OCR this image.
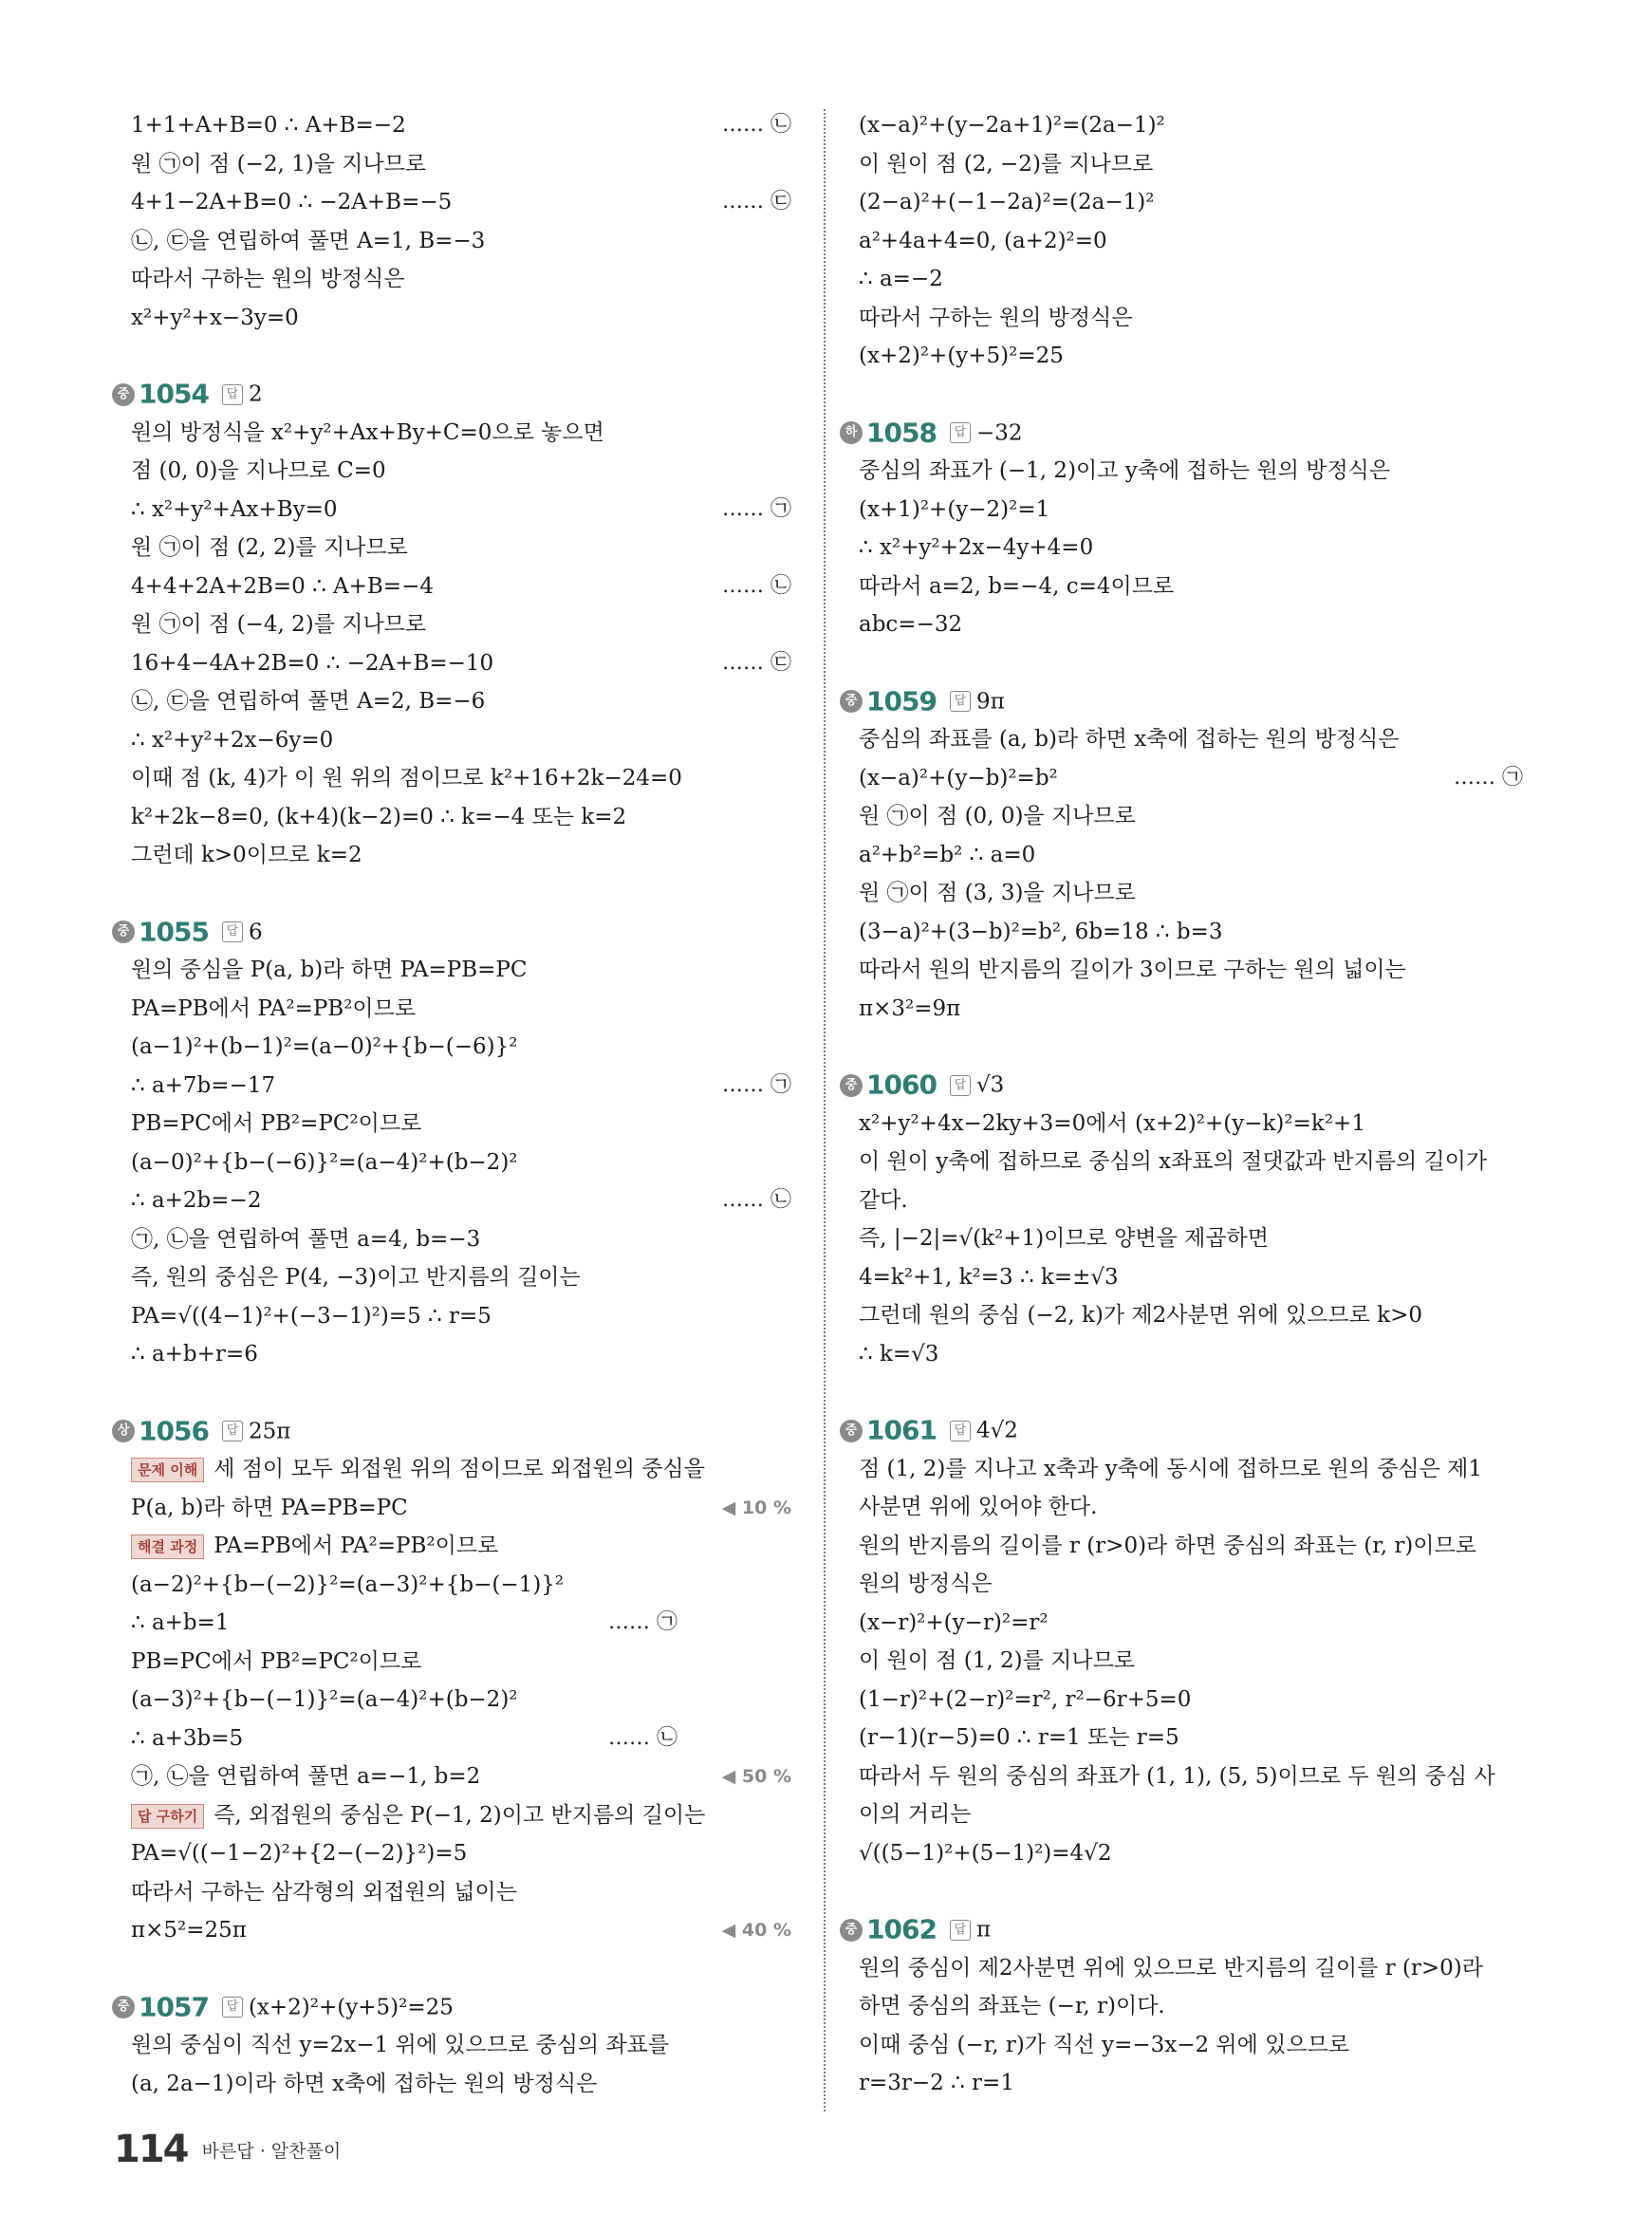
1+1+A+B=0 ∴ A+B=−2	…… ㉡
원 ㉠이 점 (−2, 1)을 지나므로
4+1−2A+B=0 ∴ −2A+B=−5	…… ㉢
㉡, ㉢을 연립하여 풀면 A=1, B=−3
따라서 구하는 원의 방정식은
x²+y²+x−3y=0
중 1054 답 2
원의 방정식을 x²+y²+Ax+By+C=0으로 놓으면
점 (0, 0)을 지나므로 C=0
∴ x²+y²+Ax+By=0	…… ㉠
원 ㉠이 점 (2, 2)를 지나므로
4+4+2A+2B=0 ∴ A+B=−4	…… ㉡
원 ㉠이 점 (−4, 2)를 지나므로
16+4−4A+2B=0 ∴ −2A+B=−10	…… ㉢
㉡, ㉢을 연립하여 풀면 A=2, B=−6
∴ x²+y²+2x−6y=0
이때 점 (k, 4)가 이 원 위의 점이므로 k²+16+2k−24=0
k²+2k−8=0, (k+4)(k−2)=0 ∴ k=−4 또는 k=2
그런데 k>0이므로 k=2
중 1055 답 6
원의 중심을 P(a, b)라 하면 PA=PB=PC
PA=PB에서 PA²=PB²이므로
(a−1)²+(b−1)²=(a−0)²+{b−(−6)}²
∴ a+7b=−17	…… ㉠
PB=PC에서 PB²=PC²이므로
(a−0)²+{b−(−6)}²=(a−4)²+(b−2)²
∴ a+2b=−2	…… ㉡
㉠, ㉡을 연립하여 풀면 a=4, b=−3
즉, 원의 중심은 P(4, −3)이고 반지름의 길이는
PA=√((4−1)²+(−3−1)²)=5 ∴ r=5
∴ a+b+r=6
상 1056 답 25π
문제 이해 세 점이 모두 외접원 위의 점이므로 외접원의 중심을
P(a, b)라 하면 PA=PB=PC	◀ 10 %
해결 과정 PA=PB에서 PA²=PB²이므로
(a−2)²+{b−(−2)}²=(a−3)²+{b−(−1)}²
∴ a+b=1	…… ㉠
PB=PC에서 PB²=PC²이므로
(a−3)²+{b−(−1)}²=(a−4)²+(b−2)²
∴ a+3b=5	…… ㉡
㉠, ㉡을 연립하여 풀면 a=−1, b=2	◀ 50 %
답 구하기 즉, 외접원의 중심은 P(−1, 2)이고 반지름의 길이는
PA=√((−1−2)²+{2−(−2)}²)=5
따라서 구하는 삼각형의 외접원의 넓이는
π×5²=25π	◀ 40 %
중 1057 답 (x+2)²+(y+5)²=25
원의 중심이 직선 y=2x−1 위에 있으므로 중심의 좌표를
(a, 2a−1)이라 하면 x축에 접하는 원의 방정식은
(x−a)²+(y−2a+1)²=(2a−1)²
이 원이 점 (2, −2)를 지나므로
(2−a)²+(−1−2a)²=(2a−1)²
a²+4a+4=0, (a+2)²=0
∴ a=−2
따라서 구하는 원의 방정식은
(x+2)²+(y+5)²=25
하 1058 답 −32
중심의 좌표가 (−1, 2)이고 y축에 접하는 원의 방정식은
(x+1)²+(y−2)²=1
∴ x²+y²+2x−4y+4=0
따라서 a=2, b=−4, c=4이므로
abc=−32
중 1059 답 9π
중심의 좌표를 (a, b)라 하면 x축에 접하는 원의 방정식은
(x−a)²+(y−b)²=b²	…… ㉠
원 ㉠이 점 (0, 0)을 지나므로
a²+b²=b² ∴ a=0
원 ㉠이 점 (3, 3)을 지나므로
(3−a)²+(3−b)²=b², 6b=18 ∴ b=3
따라서 원의 반지름의 길이가 3이므로 구하는 원의 넓이는
π×3²=9π
중 1060 답 √3
x²+y²+4x−2ky+3=0에서 (x+2)²+(y−k)²=k²+1
이 원이 y축에 접하므로 중심의 x좌표의 절댓값과 반지름의 길이가
같다.
즉, |−2|=√(k²+1)이므로 양변을 제곱하면
4=k²+1, k²=3 ∴ k=±√3
그런데 원의 중심 (−2, k)가 제2사분면 위에 있으므로 k>0
∴ k=√3
중 1061 답 4√2
점 (1, 2)를 지나고 x축과 y축에 동시에 접하므로 원의 중심은 제1
사분면 위에 있어야 한다.
원의 반지름의 길이를 r (r>0)라 하면 중심의 좌표는 (r, r)이므로
원의 방정식은
(x−r)²+(y−r)²=r²
이 원이 점 (1, 2)를 지나므로
(1−r)²+(2−r)²=r², r²−6r+5=0
(r−1)(r−5)=0 ∴ r=1 또는 r=5
따라서 두 원의 중심의 좌표가 (1, 1), (5, 5)이므로 두 원의 중심 사
이의 거리는
√((5−1)²+(5−1)²)=4√2
중 1062 답 π
원의 중심이 제2사분면 위에 있으므로 반지름의 길이를 r (r>0)라
하면 중심의 좌표는 (−r, r)이다.
이때 중심 (−r, r)가 직선 y=−3x−2 위에 있으므로
r=3r−2 ∴ r=1
114 바른답 · 알찬풀이
